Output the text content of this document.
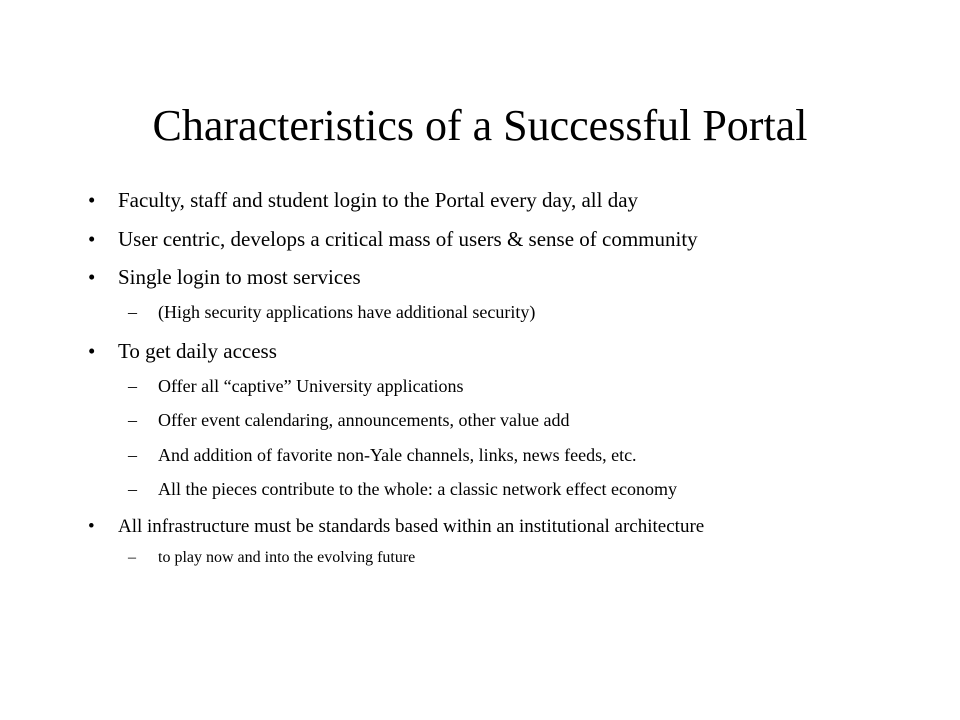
Characteristics of a Successful Portal
• Faculty, staff and student login to the Portal every day, all day
• User centric, develops a critical mass of users & sense of community
• Single login to most services
– (High security applications have additional security)
• To get daily access
– Offer all “captive” University applications
– Offer event calendaring, announcements, other value add
– And addition of favorite non-Yale channels, links, news feeds, etc.
– All the pieces contribute to the whole: a classic network effect economy
• All infrastructure must be standards based within an institutional architecture
– to play now and into the evolving future
